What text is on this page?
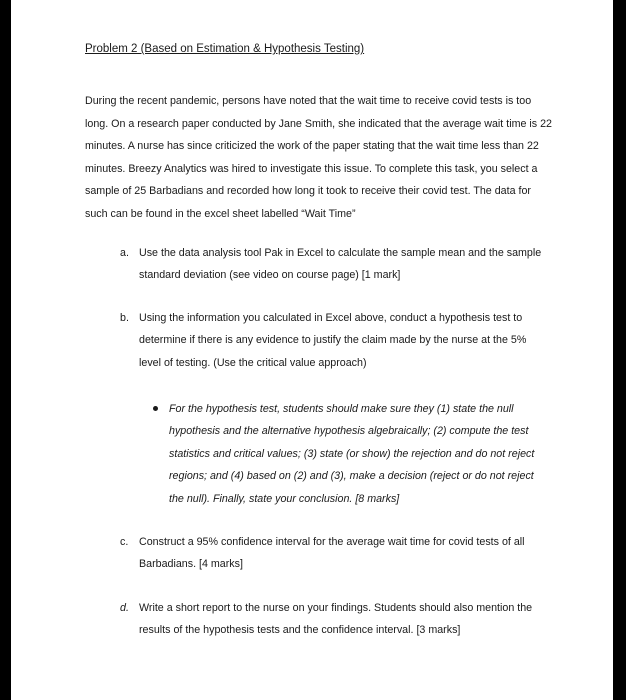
Problem 2 (Based on Estimation & Hypothesis Testing)

During the recent pandemic, persons have noted that the wait time to receive covid tests is too long. On a research paper conducted by Jane Smith, she indicated that the average wait time is 22 minutes. A nurse has since criticized the work of the paper stating that the wait time less than 22 minutes. Breezy Analytics was hired to investigate this issue. To complete this task, you select a sample of 25 Barbadians and recorded how long it took to receive their covid test. The data for such can be found in the excel sheet labelled “Wait Time”

a. Use the data analysis tool Pak in Excel to calculate the sample mean and the sample standard deviation (see video on course page) [1 mark]
b. Using the information you calculated in Excel above, conduct a hypothesis test to determine if there is any evidence to justify the claim made by the nurse at the 5% level of testing. (Use the critical value approach)
For the hypothesis test, students should make sure they (1) state the null hypothesis and the alternative hypothesis algebraically; (2) compute the test statistics and critical values; (3) state (or show) the rejection and do not reject regions; and (4) based on (2) and (3), make a decision (reject or do not reject the null). Finally, state your conclusion. [8 marks]
c. Construct a 95% confidence interval for the average wait time for covid tests of all Barbadians. [4 marks]
d. Write a short report to the nurse on your findings. Students should also mention the results of the hypothesis tests and the confidence interval. [3 marks]
